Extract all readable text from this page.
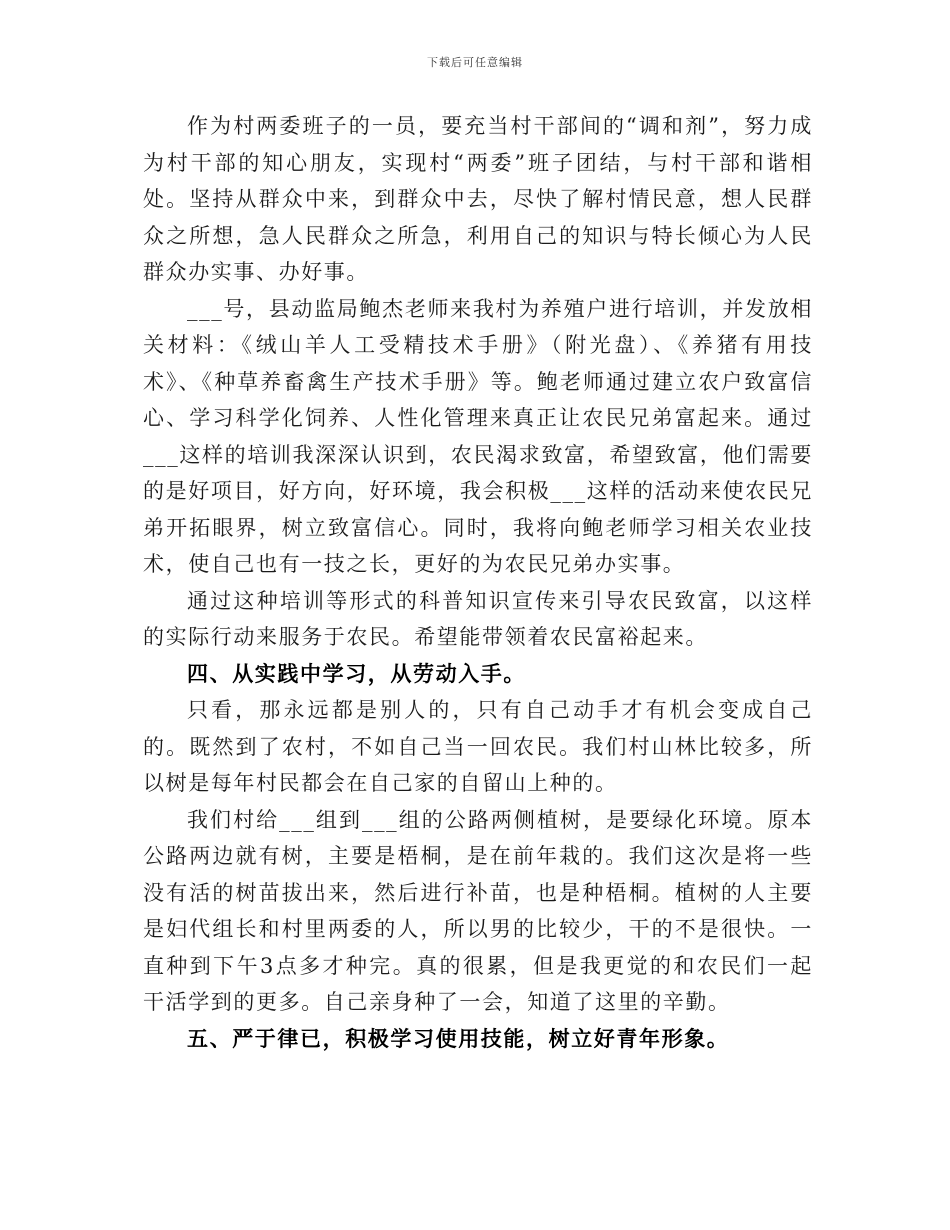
下载后可任意编辑

作为村两委班子的一员，要充当村干部间的“调和剂”，努力成为村干部的知心朋友，实现村“两委”班子团结，与村干部和谐相处。坚持从群众中来，到群众中去，尽快了解村情民意，想人民群众之所想，急人民群众之所急，利用自己的知识与特长倾心为人民群众办实事、办好事。

___号，县动监局鲍杰老师来我村为养殖户进行培训，并发放相关材料：《绒山羊人工受精技术手册》（附光盘）、《养猪有用技术》、《种草养畜禽生产技术手册》等。鲍老师通过建立农户致富信心、学习科学化饲养、人性化管理来真正让农民兄弟富起来。通过___这样的培训我深深认识到，农民渴求致富，希望致富，他们需要的是好项目，好方向，好环境，我会积极___这样的活动来使农民兄弟开拓眼界，树立致富信心。同时，我将向鲍老师学习相关农业技术，使自己也有一技之长，更好的为农民兄弟办实事。

通过这种培训等形式的科普知识宣传来引导农民致富，以这样的实际行动来服务于农民。希望能带领着农民富裕起来。

四、从实践中学习，从劳动入手。

只看，那永远都是别人的，只有自己动手才有机会变成自己的。既然到了农村，不如自己当一回农民。我们村山林比较多，所以树是每年村民都会在自己家的自留山上种的。

我们村给___组到___组的公路两侧植树，是要绿化环境。原本公路两边就有树，主要是梧桐，是在前年栽的。我们这次是将一些没有活的树苗拔出来，然后进行补苗，也是种梧桐。植树的人主要是妇代组长和村里两委的人，所以男的比较少，干的不是很快。一直种到下午3点多才种完。真的很累，但是我更觉的和农民们一起干活学到的更多。自己亲身种了一会，知道了这里的辛勤。

五、严于律已，积极学习使用技能，树立好青年形象。
